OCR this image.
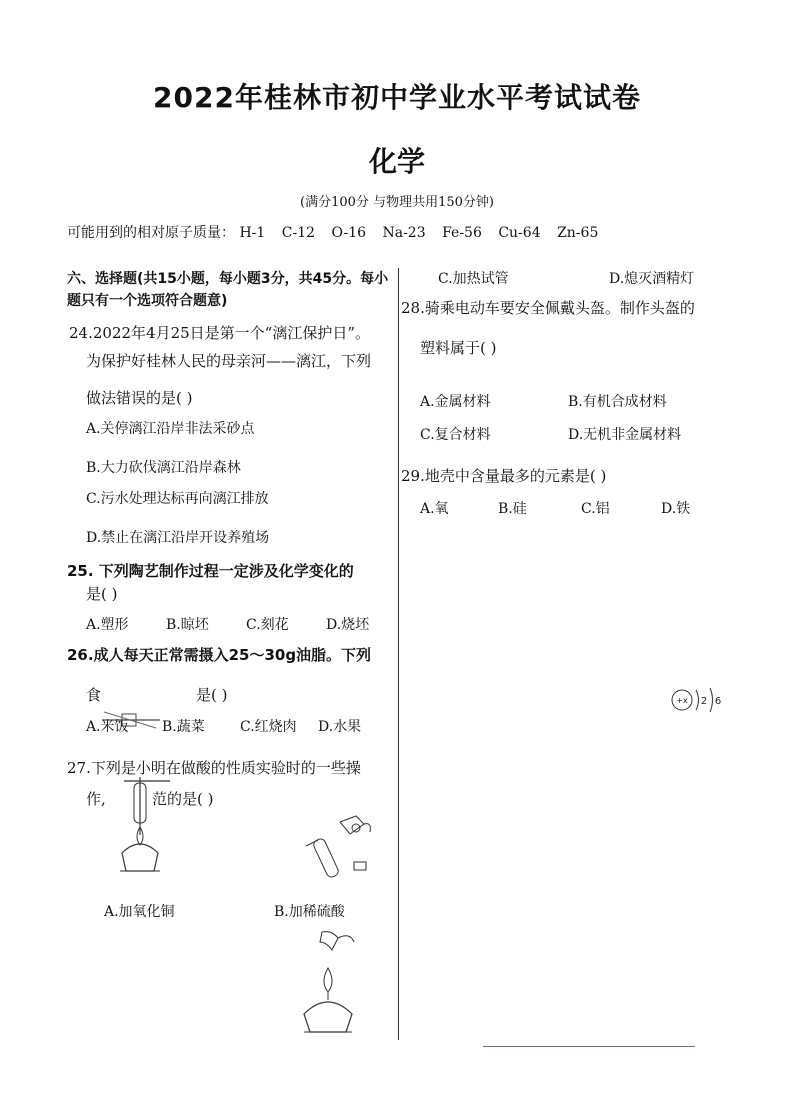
2022年桂林市初中学业水平考试试卷
化学
(满分100分 与物理共用150分钟)
可能用到的相对原子质量： H-1 C-12 O-16 Na-23 Fe-56 Cu-64 Zn-65
六、选择题(共15小题，每小题3分，共45分。每小
题只有一个选项符合题意)
24.2022年4月25日是第一个“漓江保护日”。
为保护好桂林人民的母亲河——漓江，下列
做法错误的是( )
A.关停漓江沿岸非法采砂点
B.大力砍伐漓江沿岸森林
C.污水处理达标再向漓江排放
D.禁止在漓江沿岸开设养殖场
25. 下列陶艺制作过程一定涉及化学变化的
是( )
A.塑形	B.晾坯	C.刻花	D.烧坯
26.成人每天正常需摄入25～30g油脂。下列
食	是( )
A.米饭 B.蔬菜	C.红烧肉 D.水果
27.下列是小明在做酸的性质实验时的一些操
作,	范的是( )
A.加氧化铜	B.加稀硫酸
C.加热试管	D.熄灭酒精灯
28.骑乘电动车要安全佩戴头盔。制作头盔的
塑料属于( )
A.金属材料	B.有机合成材料
C.复合材料	D.无机非金属材料
29.地壳中含量最多的元素是( )
A.氧	B.硅	C.铝	D.铁
+x 2 6
